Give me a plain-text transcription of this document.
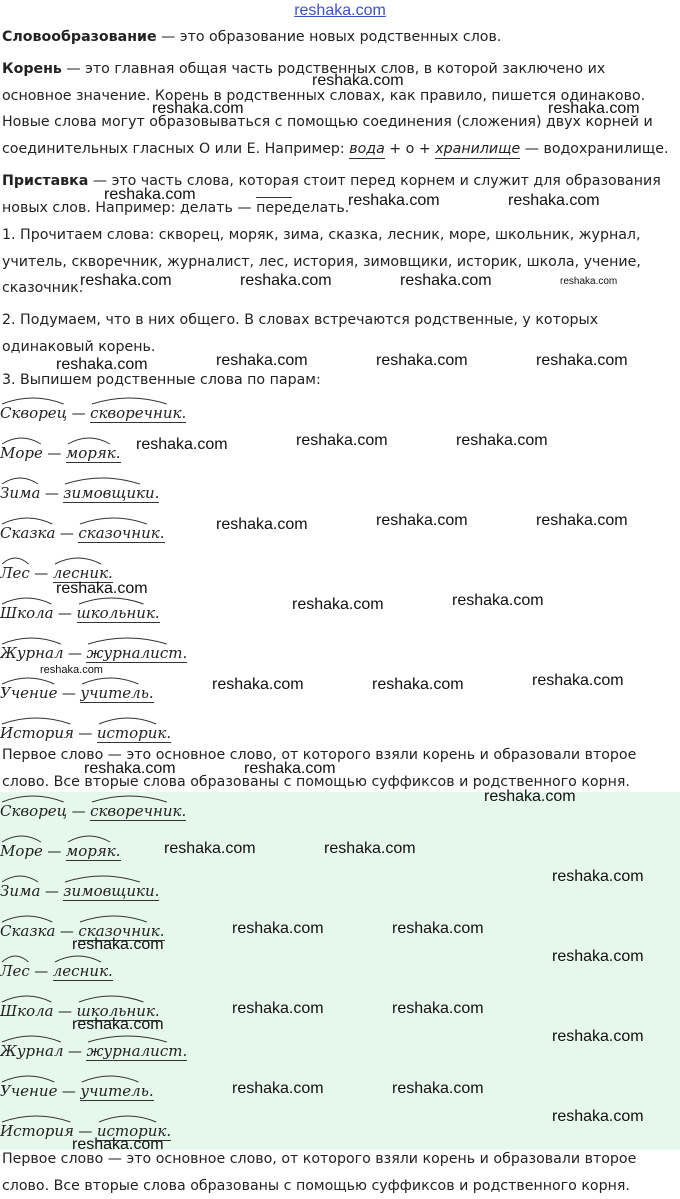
reshaka.com

Словообразование — это образование новых родственных слов.

Корень — это главная общая часть родственных слов, в которой заключено их основное значение. Корень в родственных словах, как правило, пишется одинаково. Новые слова могут образовываться с помощью соединения (сложения) двух корней и соединительных гласных О или Е. Например: вода + о + хранилище — водохранилище.

Приставка — это часть слова, которая стоит перед корнем и служит для образования новых слов. Например: делать — переделать.

1. Прочитаем слова: скворец, моряк, зима, сказка, лесник, море, школьник, журнал, учитель, скворечник, журналист, лес, история, зимовщики, историк, школа, учение, сказочник.

2. Подумаем, что в них общего. В словах встречаются родственные, у которых одинаковый корень.

3. Выпишем родственные слова по парам:

Скворец — скворечник.
Море — моряк.
Зима — зимовщики.
Сказка — сказочник.
Лес — лесник.
Школа — школьник.
Журнал — журналист.
Учение — учитель.
История — историк.

Первое слово — это основное слово, от которого взяли корень и образовали второе слово. Все вторые слова образованы с помощью суффиксов и родственного корня.

Скворец — скворечник.
Море — моряк.
Зима — зимовщики.
Сказка — сказочник.
Лес — лесник.
Школа — школьник.
Журнал — журналист.
Учение — учитель.
История — историк.

Первое слово — это основное слово, от которого взяли корень и образовали второе слово. Все вторые слова образованы с помощью суффиксов и родственного корня.

reshaka.com
reshaka.com	reshaka.com
reshaka.com	reshaka.com	reshaka.com
reshaka.com	reshaka.com	reshaka.com	reshaka.com
reshaka.com	reshaka.com	reshaka.com	reshaka.com
reshaka.com	reshaka.com	reshaka.com
reshaka.com	reshaka.com	reshaka.com
reshaka.com
reshaka.com	reshaka.com
reshaka.com
reshaka.com	reshaka.com	reshaka.com
reshaka.com	reshaka.com
reshaka.com
reshaka.com	reshaka.com
reshaka.com
reshaka.com	reshaka.com
reshaka.com
reshaka.com
reshaka.com	reshaka.com
reshaka.com
reshaka.com
reshaka.com	reshaka.com
reshaka.com
reshaka.com
